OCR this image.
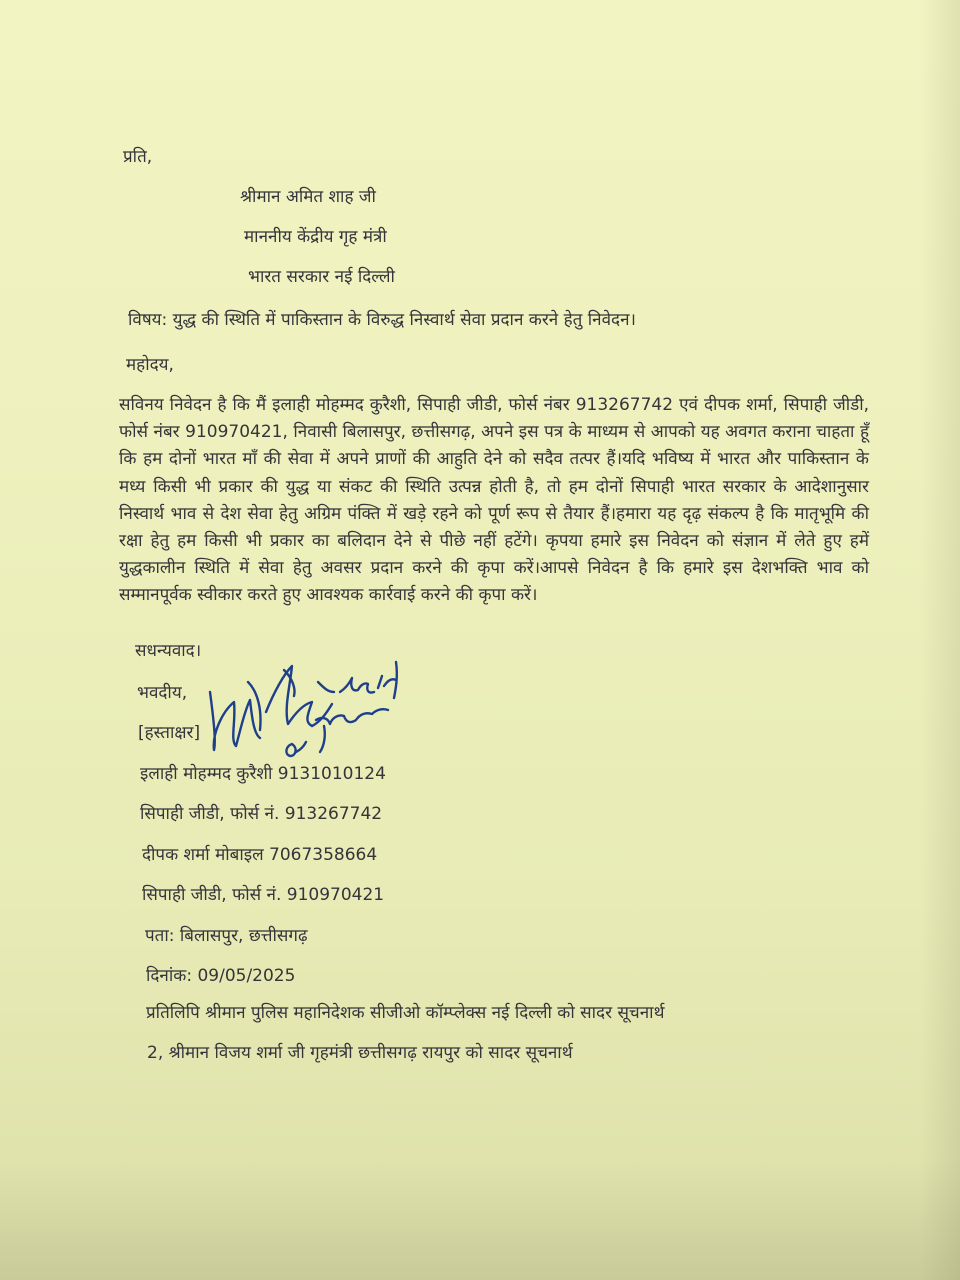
प्रति,

श्रीमान अमित शाह जी

माननीय केंद्रीय गृह मंत्री

भारत सरकार नई दिल्ली

विषय: युद्ध की स्थिति में पाकिस्तान के विरुद्ध निस्वार्थ सेवा प्रदान करने हेतु निवेदन।

महोदय,

सविनय निवेदन है कि मैं इलाही मोहम्मद कुरैशी, सिपाही जीडी, फोर्स नंबर 913267742 एवं दीपक शर्मा, सिपाही जीडी, फोर्स नंबर 910970421, निवासी बिलासपुर, छत्तीसगढ़, अपने इस पत्र के माध्यम से आपको यह अवगत कराना चाहता हूँ कि हम दोनों भारत माँ की सेवा में अपने प्राणों की आहुति देने को सदैव तत्पर हैं।यदि भविष्य में भारत और पाकिस्तान के मध्य किसी भी प्रकार की युद्ध या संकट की स्थिति उत्पन्न होती है, तो हम दोनों सिपाही भारत सरकार के आदेशानुसार निस्वार्थ भाव से देश सेवा हेतु अग्रिम पंक्ति में खड़े रहने को पूर्ण रूप से तैयार हैं।हमारा यह दृढ़ संकल्प है कि मातृभूमि की रक्षा हेतु हम किसी भी प्रकार का बलिदान देने से पीछे नहीं हटेंगे। कृपया हमारे इस निवेदन को संज्ञान में लेते हुए हमें युद्धकालीन स्थिति में सेवा हेतु अवसर प्रदान करने की कृपा करें।आपसे निवेदन है कि हमारे इस देशभक्ति भाव को सम्मानपूर्वक स्वीकार करते हुए आवश्यक कार्रवाई करने की कृपा करें।

सधन्यवाद।

भवदीय,

[हस्ताक्षर]

इलाही मोहम्मद कुरैशी 9131010124

सिपाही जीडी, फोर्स नं. 913267742

दीपक शर्मा मोबाइल 7067358664

सिपाही जीडी, फोर्स नं. 910970421

पता: बिलासपुर, छत्तीसगढ़

दिनांक: 09/05/2025

प्रतिलिपि श्रीमान पुलिस महानिदेशक सीजीओ कॉम्प्लेक्स नई दिल्ली को सादर सूचनार्थ

2, श्रीमान विजय शर्मा जी गृहमंत्री छत्तीसगढ़ रायपुर को सादर सूचनार्थ
